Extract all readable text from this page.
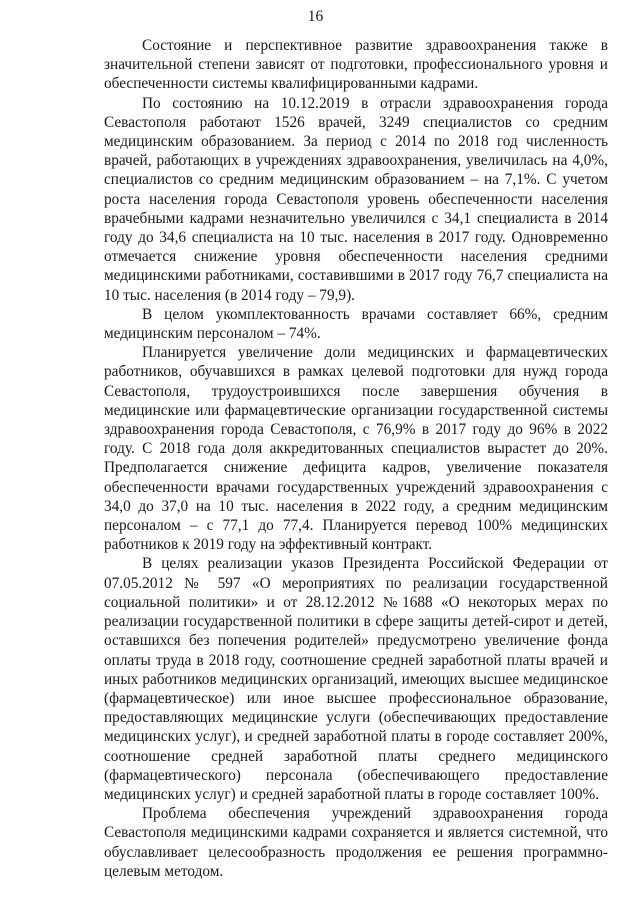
16

Состояние и перспективное развитие здравоохранения также в значительной степени зависят от подготовки, профессионального уровня и обеспеченности системы квалифицированными кадрами.

По состоянию на 10.12.2019 в отрасли здравоохранения города Севастополя работают 1526 врачей, 3249 специалистов со средним медицинским образованием. За период с 2014 по 2018 год численность врачей, работающих в учреждениях здравоохранения, увеличилась на 4,0%, специалистов со средним медицинским образованием – на 7,1%. С учетом роста населения города Севастополя уровень обеспеченности населения врачебными кадрами незначительно увеличился с 34,1 специалиста в 2014 году до 34,6 специалиста на 10 тыс. населения в 2017 году. Одновременно отмечается снижение уровня обеспеченности населения средними медицинскими работниками, составившими в 2017 году 76,7 специалиста на 10 тыс. населения (в 2014 году – 79,9).

В целом укомплектованность врачами составляет 66%, средним медицинским персоналом – 74%.

Планируется увеличение доли медицинских и фармацевтических работников, обучавшихся в рамках целевой подготовки для нужд города Севастополя, трудоустроившихся после завершения обучения в медицинские или фармацевтические организации государственной системы здравоохранения города Севастополя, с 76,9% в 2017 году до 96% в 2022 году. С 2018 года доля аккредитованных специалистов вырастет до 20%. Предполагается снижение дефицита кадров, увеличение показателя обеспеченности врачами государственных учреждений здравоохранения с 34,0 до 37,0 на 10 тыс. населения в 2022 году, а средним медицинским персоналом – с 77,1 до 77,4. Планируется перевод 100% медицинских работников к 2019 году на эффективный контракт.

В целях реализации указов Президента Российской Федерации от 07.05.2012 № 597 «О мероприятиях по реализации государственной социальной политики» и от 28.12.2012 №1688 «О некоторых мерах по реализации государственной политики в сфере защиты детей-сирот и детей, оставшихся без попечения родителей» предусмотрено увеличение фонда оплаты труда в 2018 году, соотношение средней заработной платы врачей и иных работников медицинских организаций, имеющих высшее медицинское (фармацевтическое) или иное высшее профессиональное образование, предоставляющих медицинские услуги (обеспечивающих предоставление медицинских услуг), и средней заработной платы в городе составляет 200%, соотношение средней заработной платы среднего медицинского (фармацевтического) персонала (обеспечивающего предоставление медицинских услуг) и средней заработной платы в городе составляет 100%.

Проблема обеспечения учреждений здравоохранения города Севастополя медицинскими кадрами сохраняется и является системной, что обуславливает целесообразность продолжения ее решения программно-целевым методом.
